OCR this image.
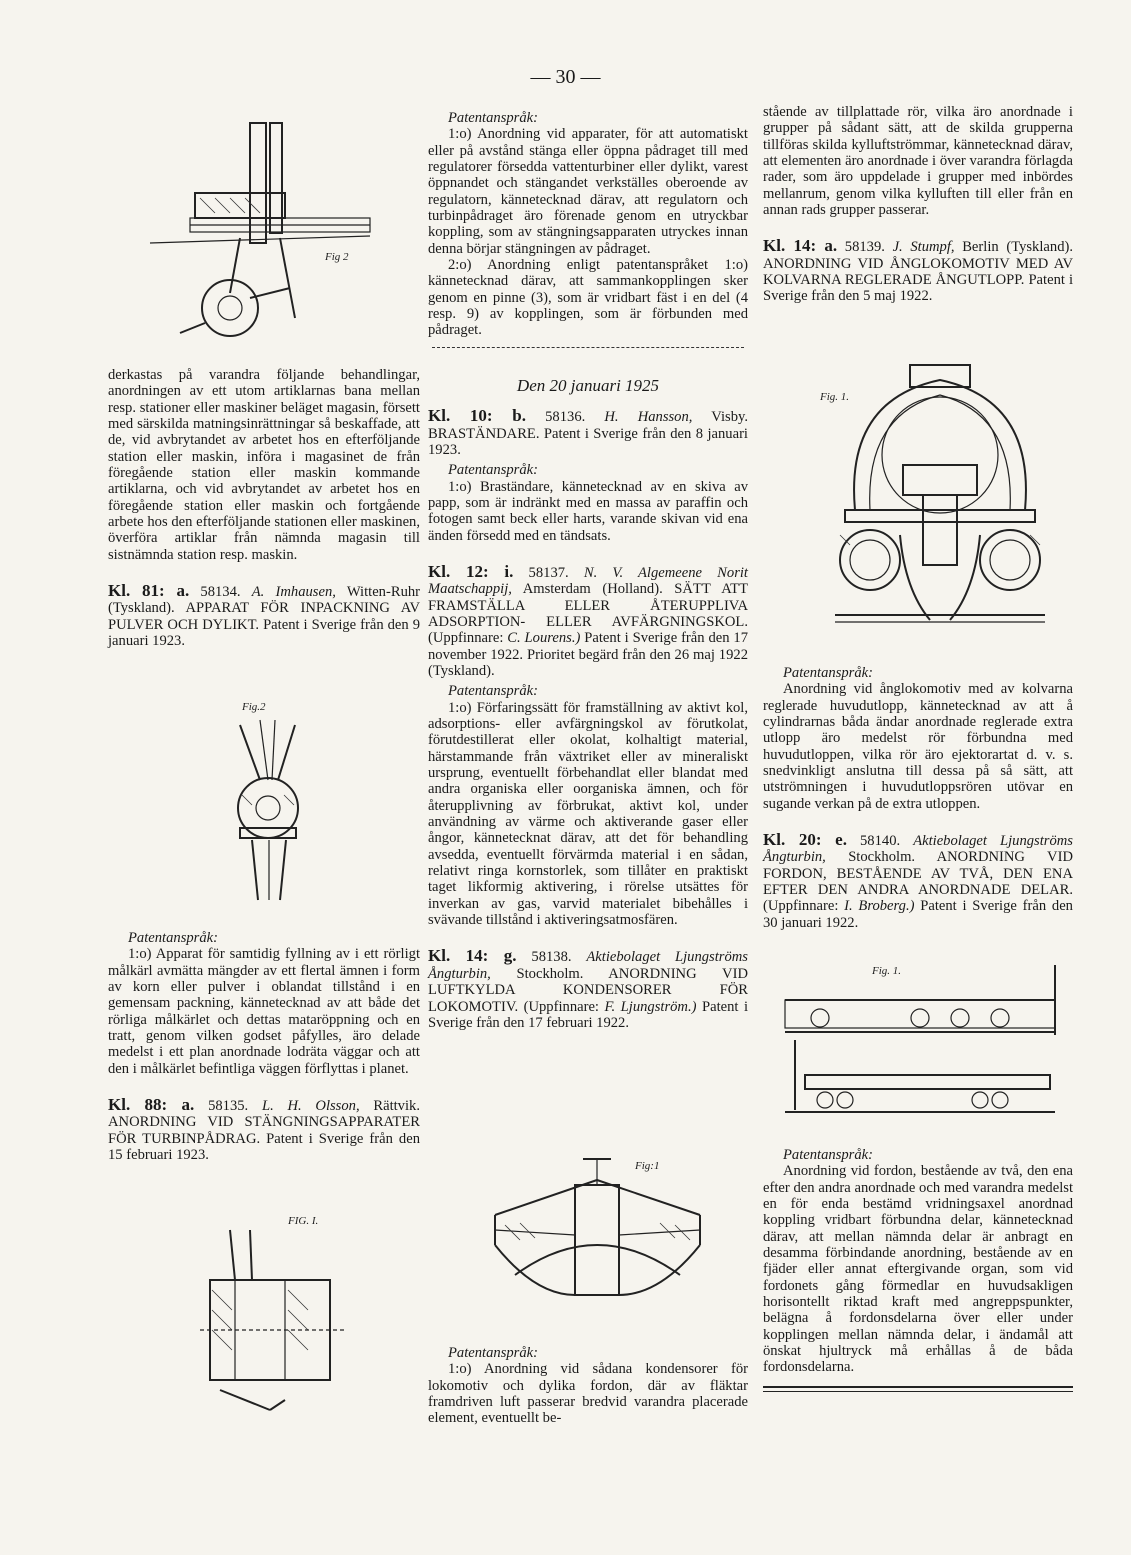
— 30 —
Fig 2

derkastas på varandra följande behandlingar, anordningen av ett utom artiklarnas bana mellan resp. stationer eller maskiner beläget magasin, försett med särskilda matningsinrättningar så beskaffade, att de, vid avbrytandet av arbetet hos en efterföljande station eller maskin, införa i magasinet de från föregående station eller maskin kommande artiklarna, och vid avbrytandet av arbetet hos en föregående station eller maskin och fortgående arbete hos den efterföljande stationen eller maskinen, överföra artiklar från nämnda magasin till sistnämnda station resp. maskin.

Kl. 81: a. 58134. A. Imhausen, Witten-Ruhr (Tyskland). APPARAT FÖR INPACKNING AV PULVER OCH DYLIKT. Patent i Sverige från den 9 januari 1923.

Fig.2

Patentanspråk:

1:o) Apparat för samtidig fyllning av i ett rörligt målkärl avmätta mängder av ett flertal ämnen i form av korn eller pulver i oblandat tillstånd i en gemensam packning, kännetecknad av att både det rörliga målkärlet och dettas mataröppning och en tratt, genom vilken godset påfylles, äro delade medelst i ett plan anordnade lodräta väggar och att den i målkärlet befintliga väggen förflyttas i planet.

Kl. 88: a. 58135. L. H. Olsson, Rättvik. ANORDNING VID STÄNGNINGSAPPARATER FÖR TURBINPÅDRAG. Patent i Sverige från den 15 februari 1923.

FIG. I.

Patentanspråk:

1:o) Anordning vid apparater, för att automatiskt eller på avstånd stänga eller öppna pådraget till med regulatorer försedda vattenturbiner eller dylikt, varest öppnandet och stängandet verkställes oberoende av regulatorn, kännetecknad därav, att regulatorn och turbinpådraget äro förenade genom en utryckbar koppling, som av stängningsapparaten utryckes innan denna börjar stängningen av pådraget.

2:o) Anordning enligt patentanspråket 1:o) kännetecknad därav, att sammankopplingen sker genom en pinne (3), som är vridbart fäst i en del (4 resp. 9) av kopplingen, som är förbunden med pådraget.

Den 20 januari 1925

Kl. 10: b. 58136. H. Hansson, Visby. BRASTÄNDARE. Patent i Sverige från den 8 januari 1923.

Patentanspråk:

1:o) Braständare, kännetecknad av en skiva av papp, som är indränkt med en massa av paraffin och fotogen samt beck eller harts, varande skivan vid ena änden försedd med en tändsats.

Kl. 12: i. 58137. N. V. Algemeene Norit Maatschappij, Amsterdam (Holland). SÄTT ATT FRAMSTÄLLA ELLER ÅTERUPPLIVA ADSORPTION- ELLER AVFÄRGNINGSKOL. (Uppfinnare: C. Lourens.) Patent i Sverige från den 17 november 1922. Prioritet begärd från den 26 maj 1922 (Tyskland).

Patentanspråk:

1:o) Förfaringssätt för framställning av aktivt kol, adsorptions- eller avfärgningskol av förutkolat, förutdestillerat eller okolat, kolhaltigt material, härstammande från växtriket eller av mineraliskt ursprung, eventuellt förbehandlat eller blandat med andra organiska eller oorganiska ämnen, och för återupplivning av förbrukat, aktivt kol, under användning av värme och aktiverande gaser eller ångor, kännetecknat därav, att det för behandling avsedda, eventuellt förvärmda material i en sådan, relativt ringa kornstorlek, som tillåter en praktiskt taget likformig aktivering, i rörelse utsättes för inverkan av gas, varvid materialet bibehålles i svävande tillstånd i aktiveringsatmosfären.

Kl. 14: g. 58138. Aktiebolaget Ljungströms Ångturbin, Stockholm. ANORDNING VID LUFTKYLDA KONDENSORER FÖR LOKOMOTIV. (Uppfinnare: F. Ljungström.) Patent i Sverige från den 17 februari 1922.

Fig:1

Patentanspråk:

1:o) Anordning vid sådana kondensorer för lokomotiv och dylika fordon, där av fläktar framdriven luft passerar bredvid varandra placerade element, eventuellt be-

stående av tillplattade rör, vilka äro anordnade i grupper på sådant sätt, att de skilda grupperna tillföras skilda kylluftströmmar, kännetecknad därav, att elementen äro anordnade i över varandra förlagda rader, som äro uppdelade i grupper med inbördes mellanrum, genom vilka kylluften till eller från en annan rads grupper passerar.

Kl. 14: a. 58139. J. Stumpf, Berlin (Tyskland). ANORDNING VID ÅNGLOKOMOTIV MED AV KOLVARNA REGLERADE ÅNGUTLOPP. Patent i Sverige från den 5 maj 1922.

Fig. 1.

Patentanspråk:

Anordning vid ånglokomotiv med av kolvarna reglerade huvudutlopp, kännetecknad av att å cylindrarnas båda ändar anordnade reglerade extra utlopp äro medelst rör förbundna med huvudutloppen, vilka rör äro ejektorartat d. v. s. snedvinkligt anslutna till dessa på så sätt, att utströmningen i huvudutloppsrören utövar en sugande verkan på de extra utloppen.

Kl. 20: e. 58140. Aktiebolaget Ljungströms Ångturbin, Stockholm. ANORDNING VID FORDON, BESTÅENDE AV TVÅ, DEN ENA EFTER DEN ANDRA ANORDNADE DELAR. (Uppfinnare: I. Broberg.) Patent i Sverige från den 30 januari 1922.

Fig. 1.

Patentanspråk:

Anordning vid fordon, bestående av två, den ena efter den andra anordnade och med varandra medelst en för enda bestämd vridningsaxel anordnad koppling vridbart förbundna delar, kännetecknad därav, att mellan nämnda delar är anbragt en desamma förbindande anordning, bestående av en fjäder eller annat eftergivande organ, som vid fordonets gång förmedlar en huvudsakligen horisontellt riktad kraft med angreppspunkter, belägna å fordonsdelarna över eller under kopplingen mellan nämnda delar, i ändamål att önskat hjultryck må erhållas å de båda fordonsdelarna.
